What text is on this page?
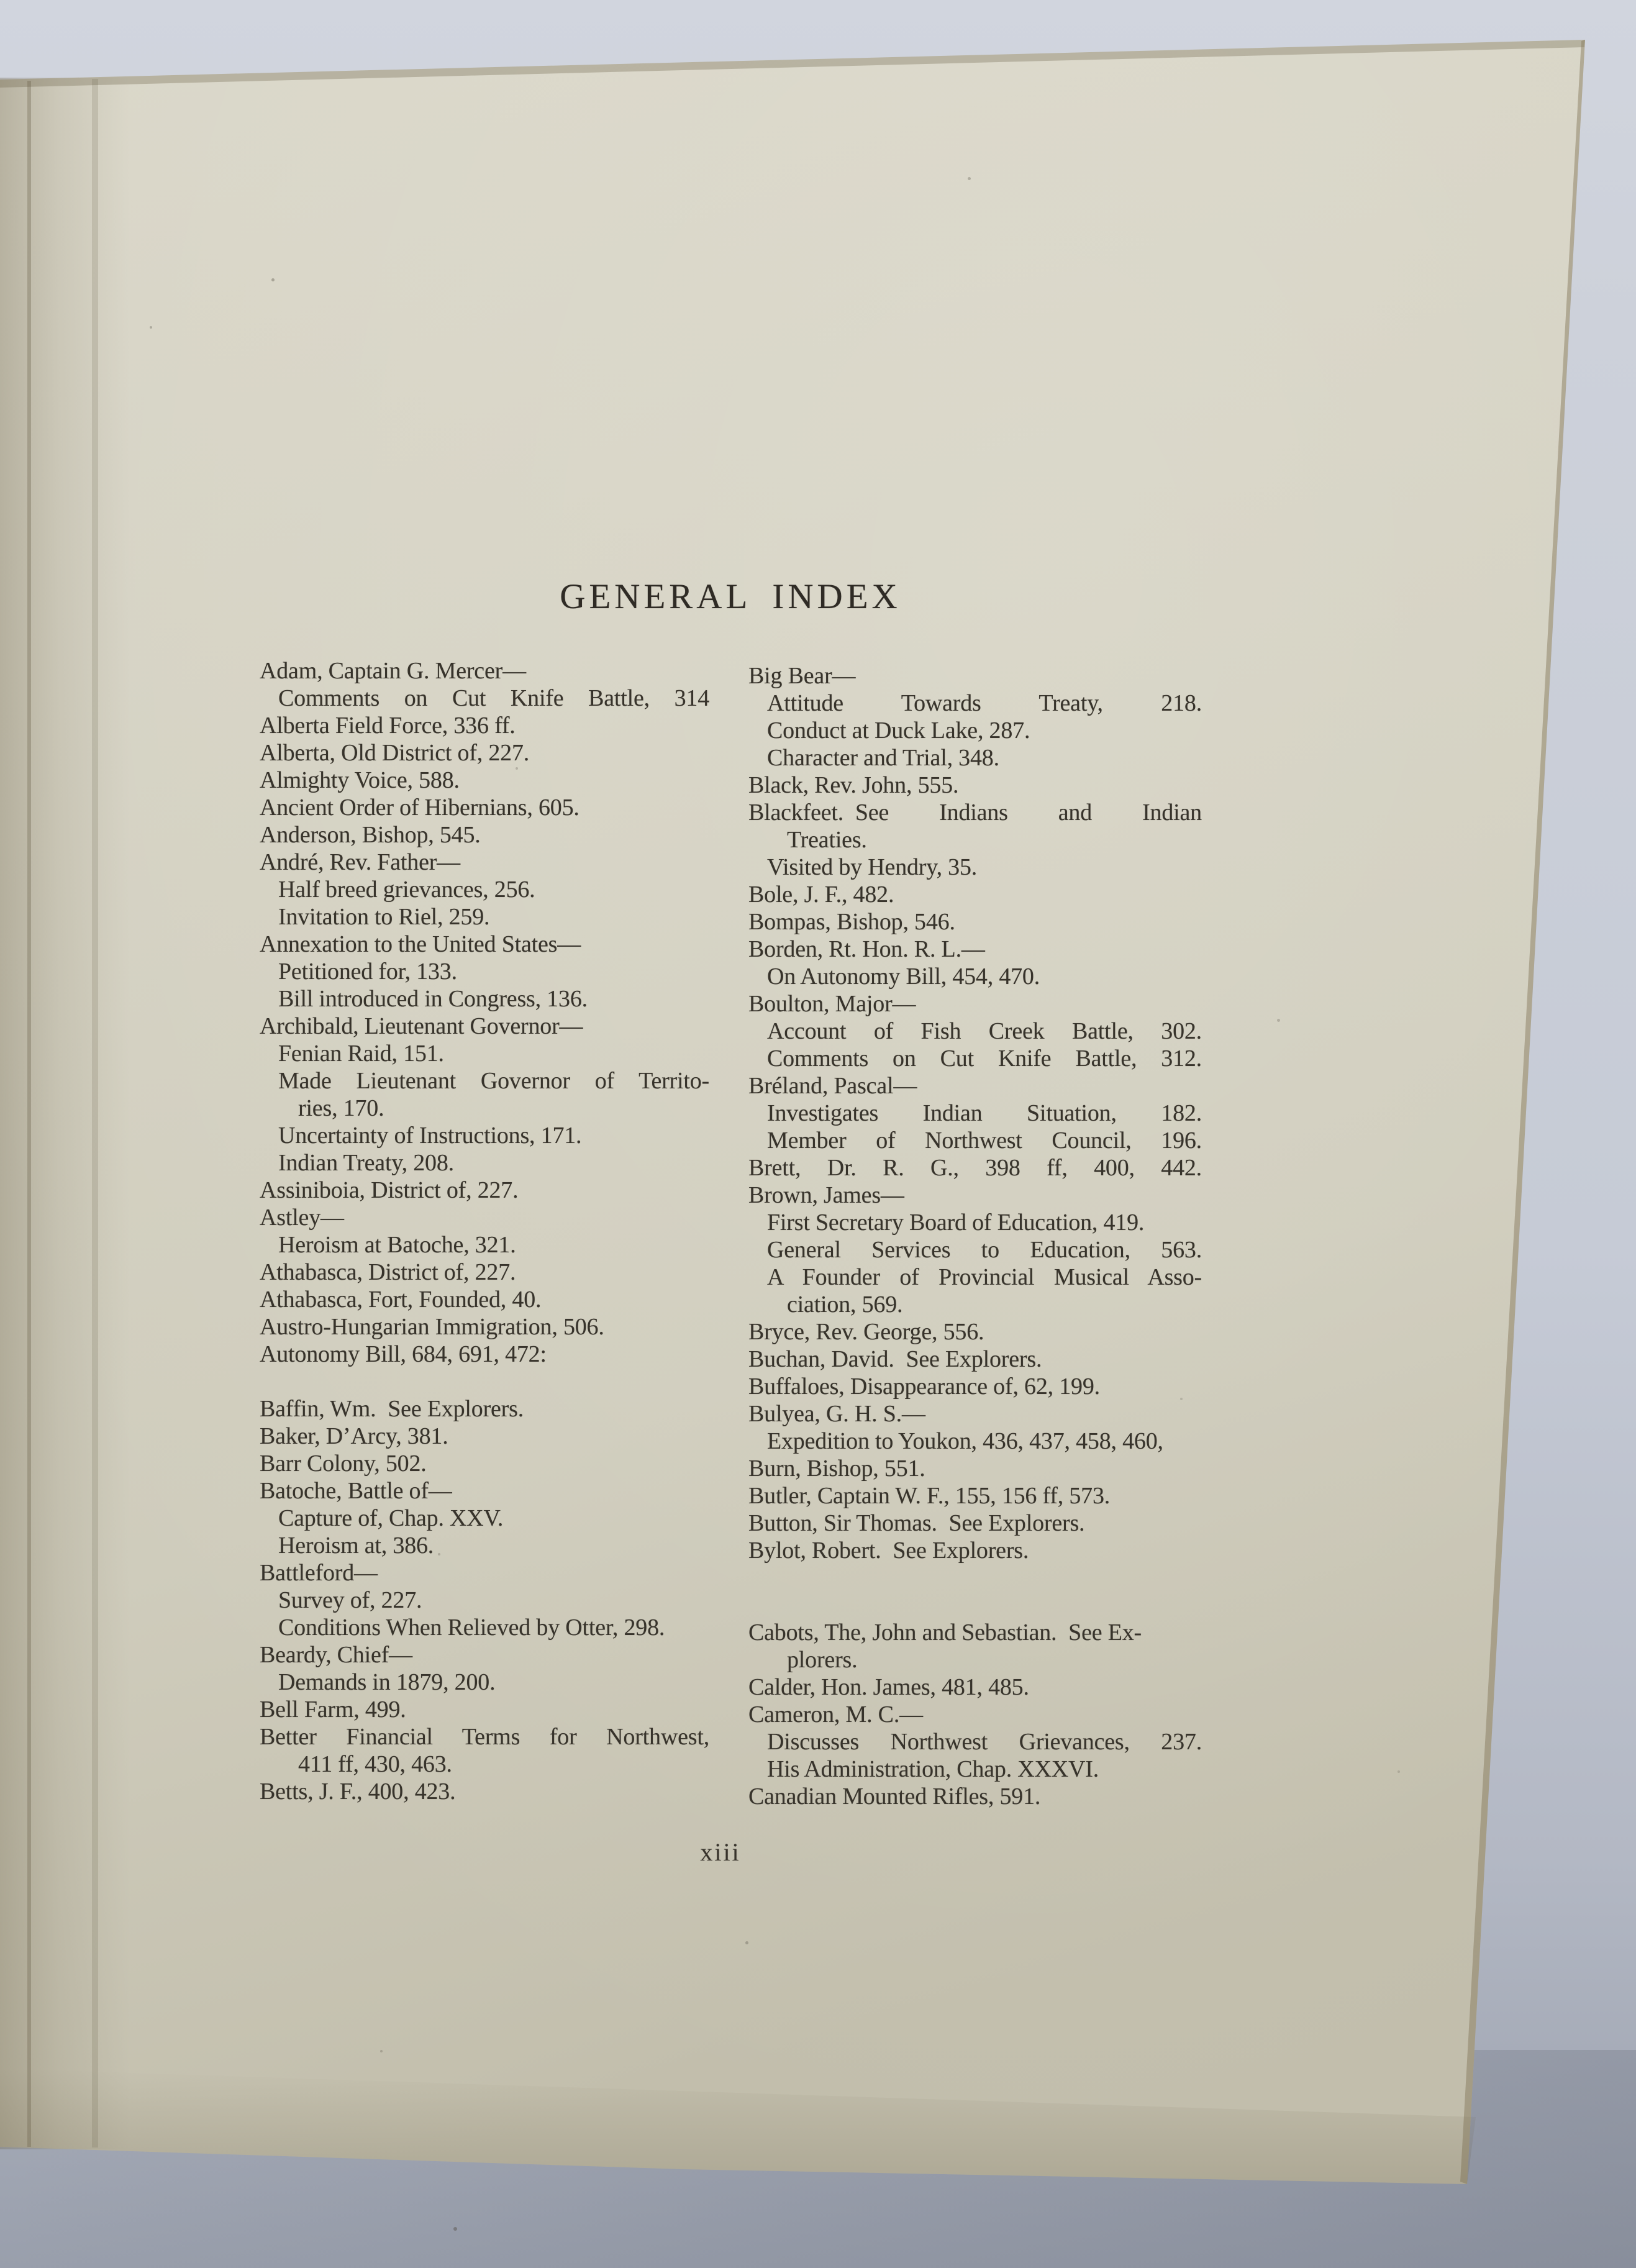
GENERAL INDEX
Adam, Captain G. Mercer—
Comments on Cut Knife Battle, 314
Alberta Field Force, 336 ff.
Alberta, Old District of, 227.
Almighty Voice, 588.
Ancient Order of Hibernians, 605.
Anderson, Bishop, 545.
André, Rev. Father—
Half breed grievances, 256.
Invitation to Riel, 259.
Annexation to the United States—
Petitioned for, 133.
Bill introduced in Congress, 136.
Archibald, Lieutenant Governor—
Fenian Raid, 151.
Made Lieutenant Governor of Territo-
ries, 170.
Uncertainty of Instructions, 171.
Indian Treaty, 208.
Assiniboia, District of, 227.
Astley—
Heroism at Batoche, 321.
Athabasca, District of, 227.
Athabasca, Fort, Founded, 40.
Austro-Hungarian Immigration, 506.
Autonomy Bill, 684, 691, 472:
Baffin, Wm. See Explorers.
Baker, D’Arcy, 381.
Barr Colony, 502.
Batoche, Battle of—
Capture of, Chap. XXV.
Heroism at, 386.
Battleford—
Survey of, 227.
Conditions When Relieved by Otter, 298.
Beardy, Chief—
Demands in 1879, 200.
Bell Farm, 499.
Better Financial Terms for Northwest,
411 ff, 430, 463.
Betts, J. F., 400, 423.
Big Bear—
Attitude Towards Treaty, 218.
Conduct at Duck Lake, 287.
Character and Trial, 348.
Black, Rev. John, 555.
Blackfeet. See Indians and Indian
Treaties.
Visited by Hendry, 35.
Bole, J. F., 482.
Bompas, Bishop, 546.
Borden, Rt. Hon. R. L.—
On Autonomy Bill, 454, 470.
Boulton, Major—
Account of Fish Creek Battle, 302.
Comments on Cut Knife Battle, 312.
Bréland, Pascal—
Investigates Indian Situation, 182.
Member of Northwest Council, 196.
Brett, Dr. R. G., 398 ff, 400, 442.
Brown, James—
First Secretary Board of Education, 419.
General Services to Education, 563.
A Founder of Provincial Musical Asso-
ciation, 569.
Bryce, Rev. George, 556.
Buchan, David. See Explorers.
Buffaloes, Disappearance of, 62, 199.
Bulyea, G. H. S.—
Expedition to Youkon, 436, 437, 458, 460,
Burn, Bishop, 551.
Butler, Captain W. F., 155, 156 ff, 573.
Button, Sir Thomas. See Explorers.
Bylot, Robert. See Explorers.
Cabots, The, John and Sebastian. See Ex-
plorers.
Calder, Hon. James, 481, 485.
Cameron, M. C.—
Discusses Northwest Grievances, 237.
His Administration, Chap. XXXVI.
Canadian Mounted Rifles, 591.
xiii
